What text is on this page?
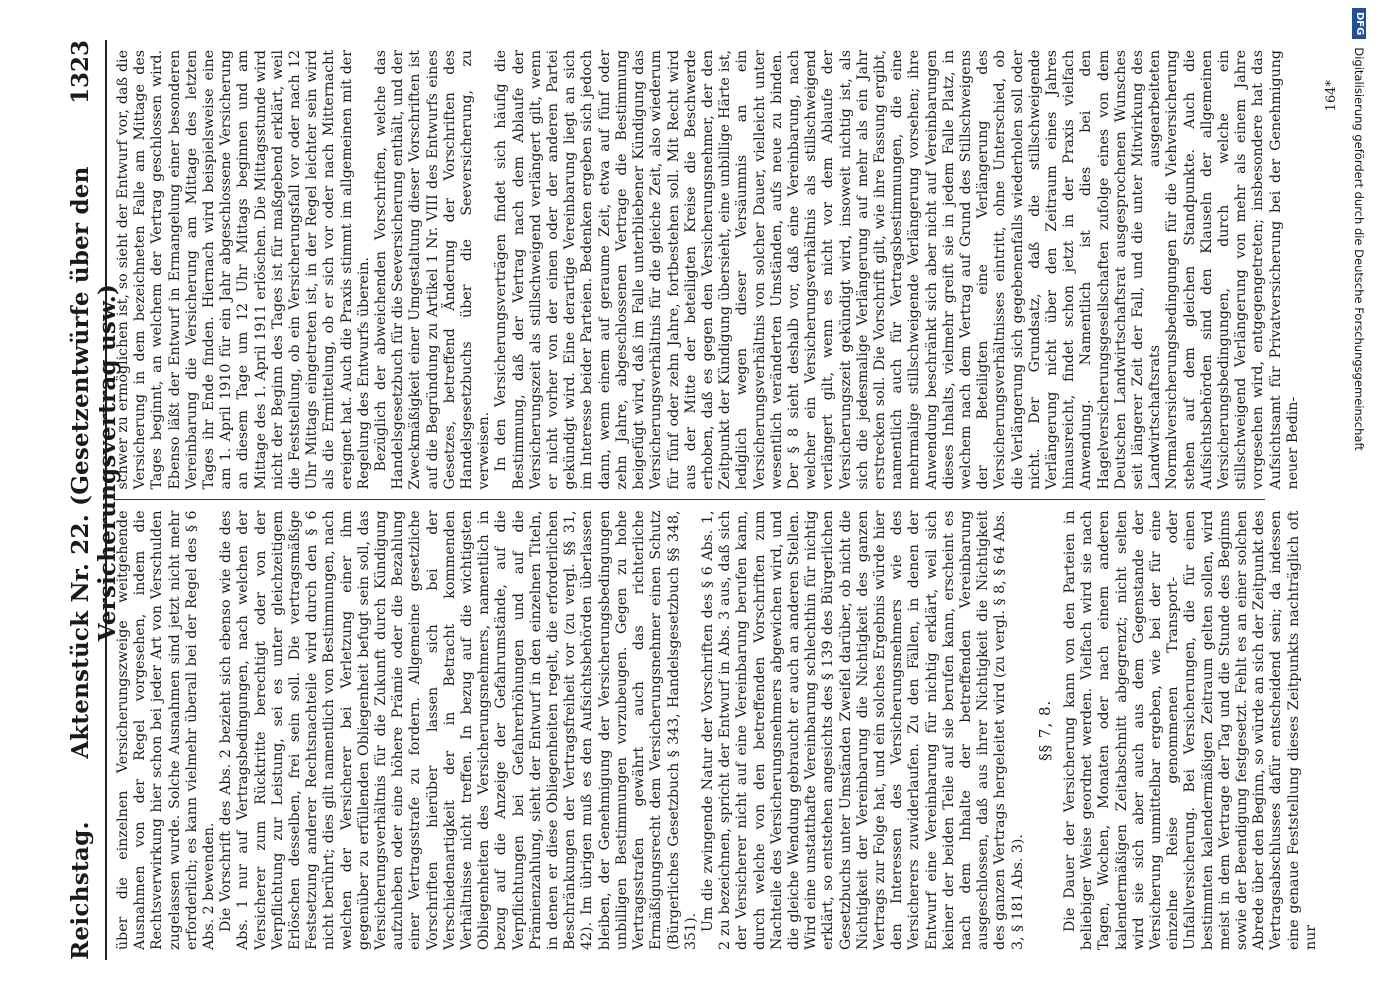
Reichstag.
Aktenstück Nr. 22. (Gesetzentwürfe über den Versicherungsvertrag usw.)
1323

über die einzelnen Versicherungszweige weitgehende Ausnahmen von der Regel vorgesehen, indem die Rechtsverwirkung hier schon bei jeder Art von Verschulden zugelassen wurde. Solche Ausnahmen sind jetzt nicht mehr erforderlich; es kann vielmehr überall bei der Regel des § 6 Abs. 2 bewenden. Die Vorschrift des Abs. 2 bezieht sich ebenso wie die des Abs. 1 nur auf Vertragsbedingungen, nach welchen der Versicherer zum Rücktritte berechtigt oder von der Verpflichtung zur Leistung, sei es unter gleichzeitigem Erlöschen desselben, frei sein soll. Die vertragsmäßige Festsetzung anderer Rechtsnachteile wird durch den § 6 nicht berührt; dies gilt namentlich von Bestimmungen, nach welchen der Versicherer bei Verletzung einer ihm gegenüber zu erfüllenden Obliegenheit befugt sein soll, das Versicherungsverhältnis für die Zukunft durch Kündigung aufzuheben oder eine höhere Prämie oder die Bezahlung einer Vertragsstrafe zu fordern. Allgemeine gesetzliche Vorschriften hierüber lassen sich bei der Verschiedenartigkeit der in Betracht kommenden Verhältnisse nicht treffen. In bezug auf die wichtigsten Obliegenheiten des Versicherungsnehmers, namentlich in bezug auf die Anzeige der Gefahrumstände, auf die Verpflichtungen bei Gefahrerhöhungen und auf die Prämienzahlung, sieht der Entwurf in den einzelnen Titeln, in denen er diese Obliegenheiten regelt, die erforderlichen Beschränkungen der Vertragsfreiheit vor (zu vergl. §§ 31, 42). Im übrigen muß es den Aufsichtsbehörden überlassen bleiben, der Genehmigung der Versicherungsbedingungen unbilligen Bestimmungen vorzubeugen. Gegen zu hohe Vertragsstrafen gewährt auch das richterliche Ermäßigungsrecht dem Versicherungsnehmer einen Schutz (Bürgerliches Gesetzbuch § 343, Handelsgesetzbuch §§ 348, 351). Um die zwingende Natur der Vorschriften des § 6 Abs. 1, 2 zu bezeichnen, spricht der Entwurf in Abs. 3 aus, daß sich der Versicherer nicht auf eine Vereinbarung berufen kann, durch welche von den betreffenden Vorschriften zum Nachteile des Versicherungsnehmers abgewichen wird, und die gleiche Wendung gebraucht er auch an anderen Stellen. Wird eine unstatthafte Vereinbarung schlechthin für nichtig erklärt, so entstehen angesichts des § 139 des Bürgerlichen Gesetzbuchs unter Umständen Zweifel darüber, ob nicht die Nichtigkeit der Vereinbarung die Nichtigkeit des ganzen Vertrags zur Folge hat, und ein solches Ergebnis würde hier den Interessen des Versicherungsnehmers wie des Versicherers zuwiderlaufen. Zu den Fällen, in denen der Entwurf eine Vereinbarung für nichtig erklärt, weil sich keiner der beiden Teile auf sie berufen kann, erscheint es nach dem Inhalte der betreffenden Vereinbarung ausgeschlossen, daß aus ihrer Nichtigkeit die Nichtigkeit des ganzen Vertrags hergeleitet wird (zu vergl. § 8, § 64 Abs. 3, § 181 Abs. 3).

§§ 7, 8. Die Dauer der Versicherung kann von den Parteien in beliebiger Weise geordnet werden. Vielfach wird sie nach Tagen, Wochen, Monaten oder nach einem anderen kalendermäßigen Zeitabschnitt abgegrenzt; nicht selten wird sie sich aber auch aus dem Gegenstande der Versicherung unmittelbar ergeben, wie bei der für eine einzelne Reise genommenen Transport- oder Unfallversicherung. Bei Versicherungen, die für einen bestimmten kalendermäßigen Zeitraum gelten sollen, wird meist in dem Vertrage der Tag und die Stunde des Beginns sowie der Beendigung festgesetzt. Fehlt es an einer solchen Abrede über den Beginn, so würde an sich der Zeitpunkt des Vertragsabschlusses dafür entscheidend sein; da indessen eine genaue Feststellung dieses Zeitpunkts nachträglich oft nur

schwer zu ermöglichen ist, so sieht der Entwurf vor, daß die Versicherung in dem bezeichneten Falle am Mittage des Tages beginnt, an welchem der Vertrag geschlossen wird. Ebenso läßt der Entwurf in Ermangelung einer besonderen Vereinbarung die Versicherung am Mittage des letzten Tages ihr Ende finden. Hiernach wird beispielsweise eine am 1. April 1910 für ein Jahr abgeschlossene Versicherung an diesem Tage um 12 Uhr Mittags beginnen und am Mittage des 1. April 1911 erlöschen. Die Mittagsstunde wird nicht der Beginn des Tages ist für maßgebend erklärt, weil die Feststellung, ob ein Versicherungsfall vor oder nach 12 Uhr Mittags eingetreten ist, in der Regel leichter sein wird als die Ermittelung, ob er sich vor oder nach Mitternacht ereignet hat. Auch die Praxis stimmt im allgemeinen mit der Regelung des Entwurfs überein. Bezüglich der abweichenden Vorschriften, welche das Handelsgesetzbuch für die Seeversicherung enthält, und der Zweckmäßigkeit einer Umgestaltung dieser Vorschriften ist auf die Begründung zu Artikel 1 Nr. VIII des Entwurfs eines Gesetzes, betreffend Änderung der Vorschriften des Handelsgesetzbuchs über die Seeversicherung, zu verweisen. In den Versicherungsverträgen findet sich häufig die Bestimmung, daß der Vertrag nach dem Ablaufe der Versicherungszeit als stillschweigend verlängert gilt, wenn er nicht vorher von der einen oder der anderen Partei gekündigt wird. Eine derartige Vereinbarung liegt an sich im Interesse beider Parteien. Bedenken ergeben sich jedoch dann, wenn einem auf geraume Zeit, etwa auf fünf oder zehn Jahre, abgeschlossenen Vertrage die Bestimmung beigefügt wird, daß im Falle unterbliebener Kündigung das Versicherungsverhältnis für die gleiche Zeit, also wiederum für fünf oder zehn Jahre, fortbestehen soll. Mit Recht wird aus der Mitte der beteiligten Kreise die Beschwerde erhoben, daß es gegen den Versicherungsnehmer, der den Zeitpunkt der Kündigung übersieht, eine unbillige Härte ist, lediglich wegen dieser Versäumnis an ein Versicherungsverhältnis von solcher Dauer, vielleicht unter wesentlich veränderten Umständen, aufs neue zu binden. Der § 8 sieht deshalb vor, daß eine Vereinbarung, nach welcher ein Versicherungsverhältnis als stillschweigend verlängert gilt, wenn es nicht vor dem Ablaufe der Versicherungszeit gekündigt wird, insoweit nichtig ist, als sich die jedesmalige Verlängerung auf mehr als ein Jahr erstrecken soll. Die Vorschrift gilt, wie ihre Fassung ergibt, namentlich auch für Vertragsbestimmungen, die eine mehrmalige stillschweigende Verlängerung vorsehen; ihre Anwendung beschränkt sich aber nicht auf Vereinbarungen dieses Inhalts, vielmehr greift sie in jedem Falle Platz, in welchem nach dem Vertrag auf Grund des Stillschweigens der Beteiligten eine Verlängerung des Versicherungsverhältnisses eintritt, ohne Unterschied, ob die Verlängerung sich gegebenenfalls wiederholen soll oder nicht. Der Grundsatz, daß die stillschweigende Verlängerung nicht über den Zeitraum eines Jahres hinausreicht, findet schon jetzt in der Praxis vielfach Anwendung. Namentlich ist dies bei den Hagelversicherungsgesellschaften zufolge eines von dem Deutschen Landwirtschaftsrat ausgesprochenen Wunsches seit längerer Zeit der Fall, und die unter Mitwirkung des Landwirtschaftsrats ausgearbeiteten Normalversicherungsbedingungen für die Viehversicherung stehen auf dem gleichen Standpunkte. Auch die Aufsichtsbehörden sind den Klauseln der allgemeinen Versicherungsbedingungen, durch welche ein stillschweigend Verlängerung von mehr als einem Jahre vorgesehen wird, entgegengetreten; insbesondere hat das Aufsichtsamt für Privatversicherung bei der Genehmigung neuer Bedin-

164*
DFG
Digitalisierung gefördert durch die Deutsche Forschungsgemeinschaft
